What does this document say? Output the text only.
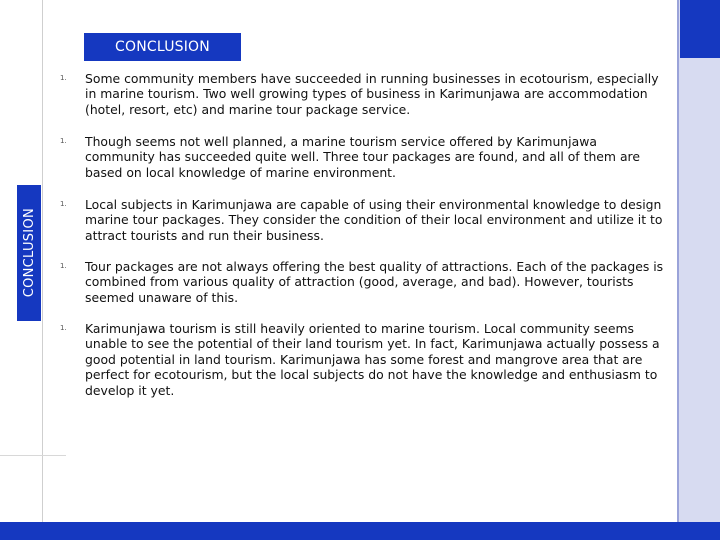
CONCLUSION
CONCLUSION
1. Some community members have succeeded in running businesses in ecotourism, especially in marine tourism. Two well growing types of business in Karimunjawa are accommodation (hotel, resort, etc) and marine tour package service.
1. Though seems not well planned, a marine tourism service offered by Karimunjawa community has succeeded quite well. Three tour packages are found, and all of them are based on local knowledge of marine environment.
1. Local subjects in Karimunjawa are capable of using their environmental knowledge to design marine tour packages. They consider the condition of their local environment and utilize it to attract tourists and run their business.
1. Tour packages are not always offering the best quality of attractions. Each of the packages is combined from various quality of attraction (good, average, and bad). However, tourists seemed unaware of this.
1. Karimunjawa tourism is still heavily oriented to marine tourism. Local community seems unable to see the potential of their land tourism yet. In fact, Karimunjawa actually possess a good potential in land tourism. Karimunjawa has some forest and mangrove area that are perfect for ecotourism, but the local subjects do not have the knowledge and enthusiasm to develop it yet.
